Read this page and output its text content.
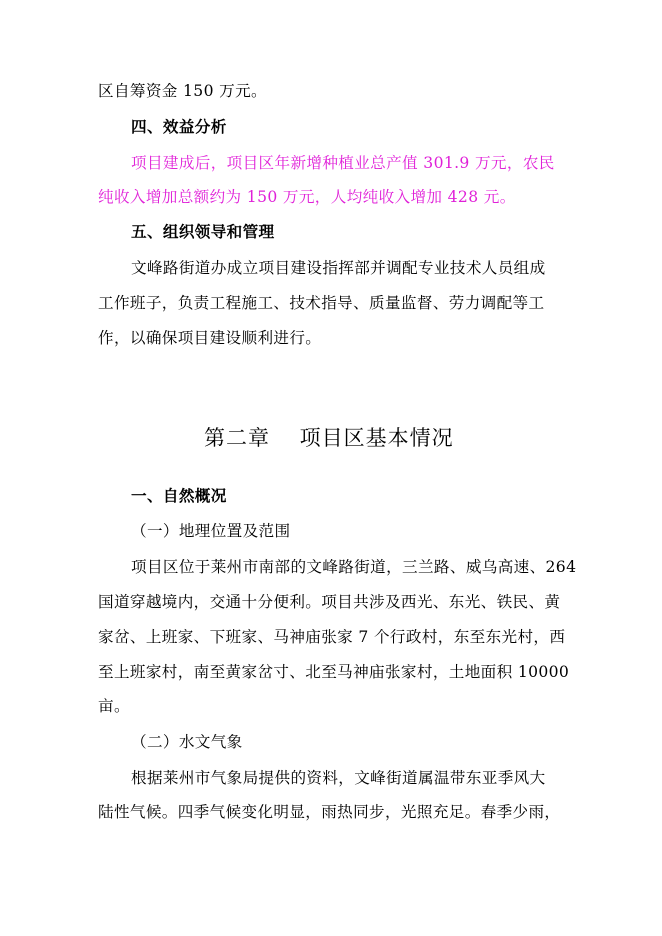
区自筹资金 150 万元。
四、效益分析
项目建成后，项目区年新增种植业总产值 301.9 万元，农民
纯收入增加总额约为 150 万元，人均纯收入增加 428 元。
五、组织领导和管理
文峰路街道办成立项目建设指挥部并调配专业技术人员组成
工作班子，负责工程施工、技术指导、质量监督、劳力调配等工
作，以确保项目建设顺利进行。
第二章　 项目区基本情况
一、自然概况
（一）地理位置及范围
项目区位于莱州市南部的文峰路街道，三兰路、威乌高速、264
国道穿越境内，交通十分便利。项目共涉及西光、东光、铁民、黄
家岔、上班家、下班家、马神庙张家 7 个行政村，东至东光村，西
至上班家村，南至黄家岔寸、北至马神庙张家村，土地面积 10000
亩。
（二）水文气象
根据莱州市气象局提供的资料，文峰街道属温带东亚季风大
陆性气候。四季气候变化明显，雨热同步，光照充足。春季少雨，
